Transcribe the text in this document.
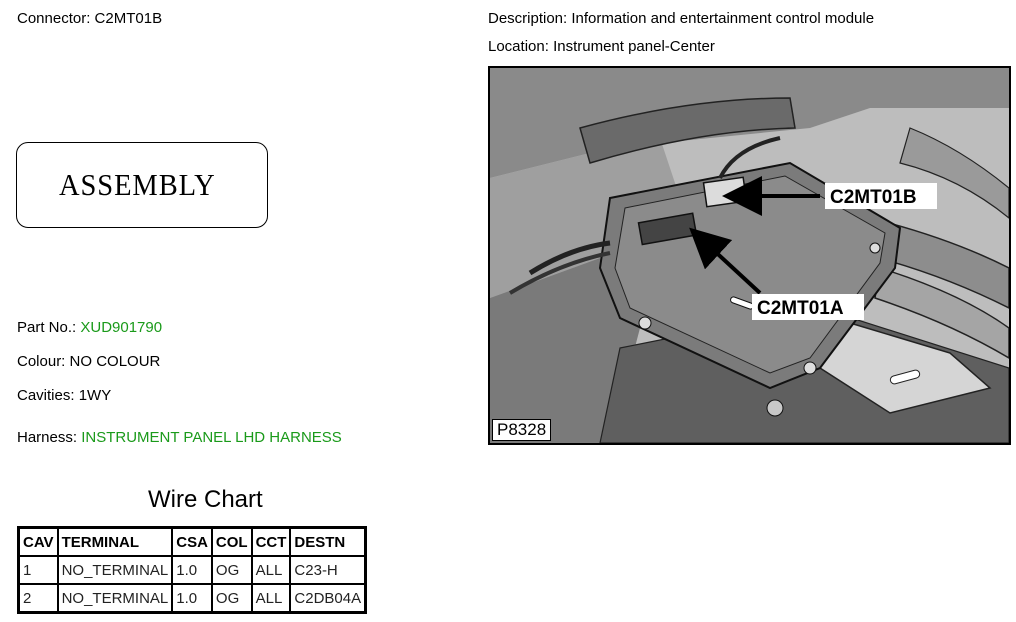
Connector: C2MT01B	Description: Information and entertainment control module
Location: Instrument panel-Center
ASSEMBLY
Part No.: XUD901790
Colour: NO COLOUR
Cavities: 1WY
Harness: INSTRUMENT PANEL LHD HARNESS
Wire Chart
CAV	TERMINAL	CSA	COL	CCT	DESTN
1	NO_TERMINAL	1.0	OG	ALL	C23-H
2	NO_TERMINAL	1.0	OG	ALL	C2DB04A
C2MT01B
C2MT01A
P8328
